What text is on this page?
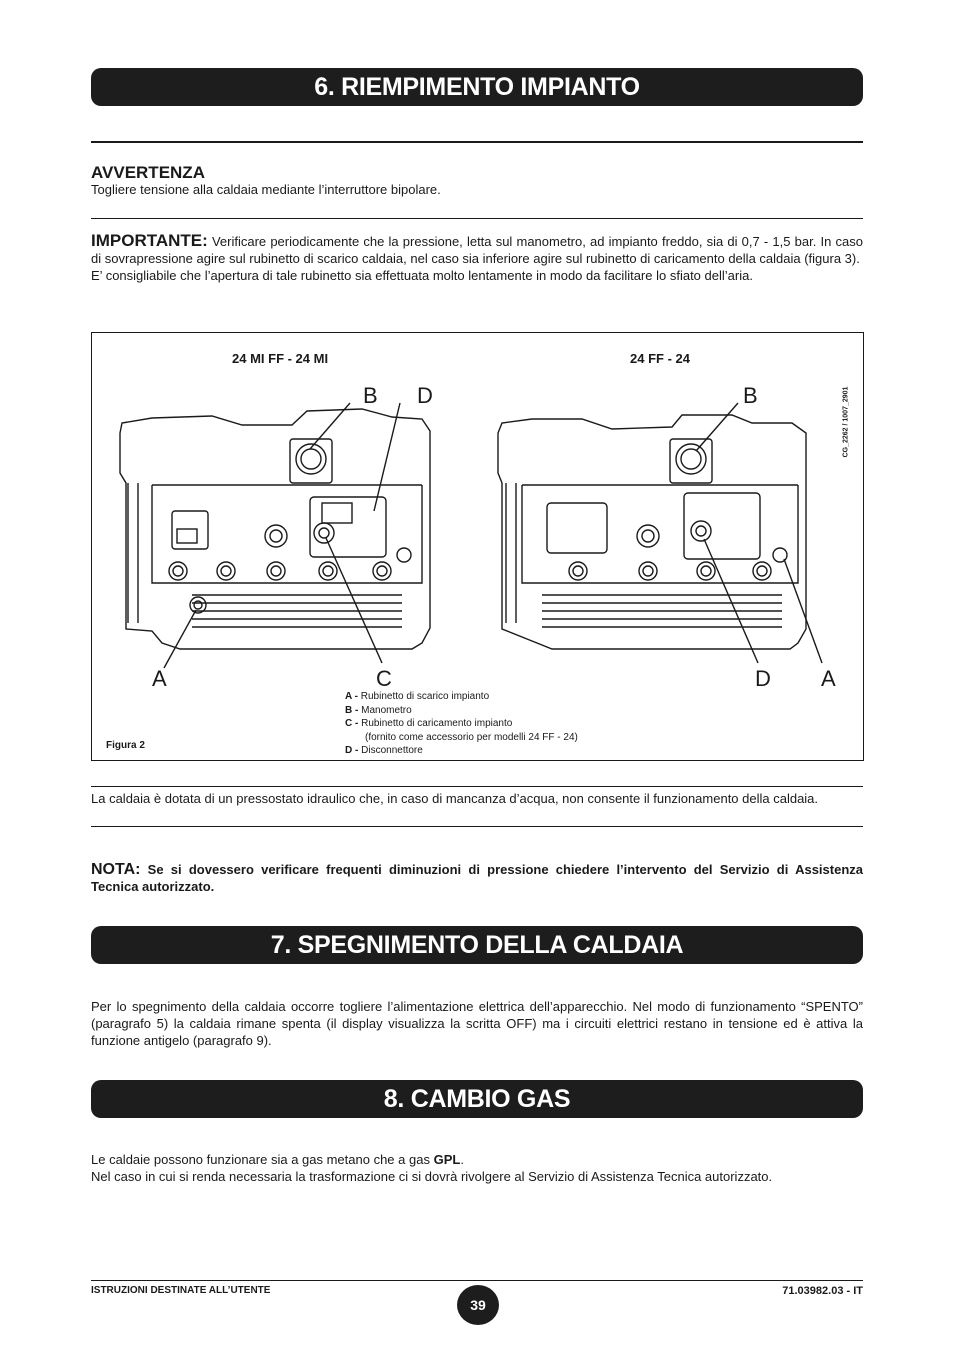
6. RIEMPIMENTO IMPIANTO
AVVERTENZA
Togliere tensione alla caldaia mediante l’interruttore bipolare.
IMPORTANTE: Verificare periodicamente che la pressione, letta sul manometro, ad impianto freddo, sia di 0,7 - 1,5 bar. In caso di sovrapressione agire sul rubinetto di scarico caldaia, nel caso sia inferiore agire sul rubinetto di caricamento della caldaia (figura 3).
E’ consigliabile che l’apertura di tale rubinetto sia effettuata molto lentamente in modo da facilitare lo sfiato dell’aria.
24 MI FF - 24 MI	24 FF - 24
B D
A	C
B
D A
CG_2262 / 1007_2901
Figura 2
A - Rubinetto di scarico impianto
B - Manometro
C - Rubinetto di caricamento impianto
(fornito come accessorio per modelli 24 FF - 24)
D - Disconnettore
La caldaia è dotata di un pressostato idraulico che, in caso di mancanza d’acqua, non consente il funzionamento della caldaia.
NOTA: Se si dovessero verificare frequenti diminuzioni di pressione chiedere l’intervento del Servizio di Assistenza Tecnica autorizzato.
7. SPEGNIMENTO DELLA CALDAIA
Per lo spegnimento della caldaia occorre togliere l’alimentazione elettrica dell’apparecchio. Nel modo di funzionamento “SPENTO” (paragrafo 5) la caldaia rimane spenta (il display visualizza la scritta OFF) ma i circuiti elettrici restano in tensione ed è attiva la funzione antigelo (paragrafo 9).
8. CAMBIO GAS
Le caldaie possono funzionare sia a gas metano che a gas GPL.
Nel caso in cui si renda necessaria la trasformazione ci si dovrà rivolgere al Servizio di Assistenza Tecnica autorizzato.
ISTRUZIONI DESTINATE ALL’UTENTE
39
71.03982.03 - IT
